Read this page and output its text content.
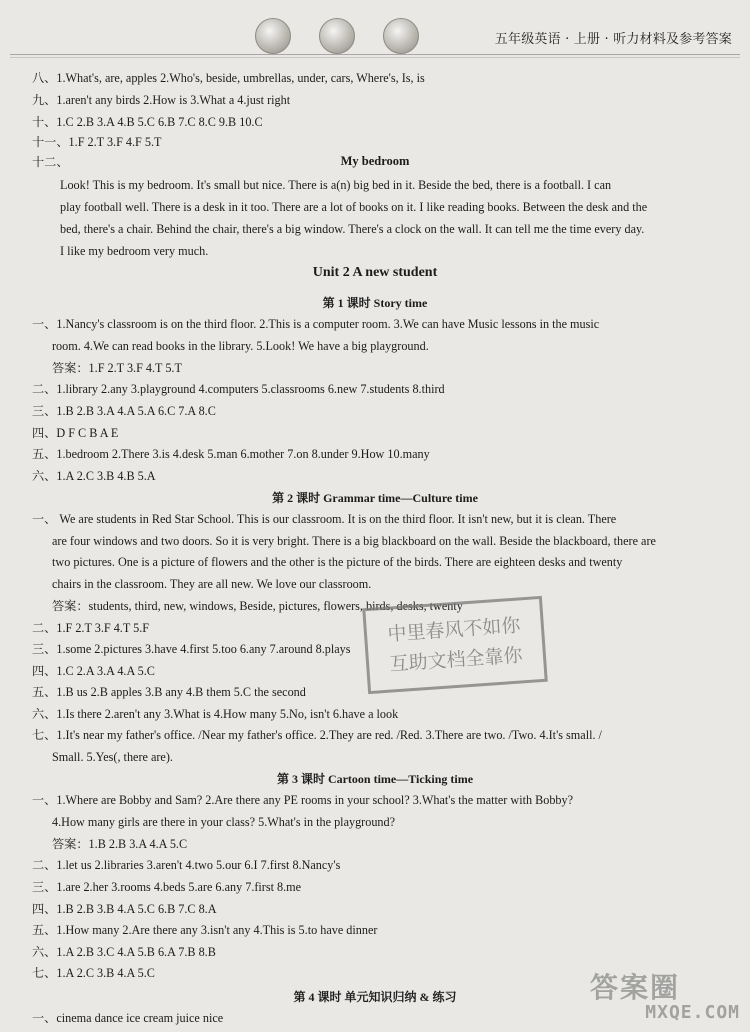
五年级英语 · 上册 · 听力材料及参考答案
八、1.What's, are, apples 2.Who's, beside, umbrellas, under, cars, Where's, Is, is
九、1.aren't any birds 2.How is 3.What a 4.just right
十、1.C 2.B 3.A 4.B 5.C 6.B 7.C 8.C 9.B 10.C
十一、1.F 2.T 3.F 4.F 5.T
十二、
Look! This is my bedroom. It's small but nice. There is a(n) big bed in it. Beside the bed, there is a football. I can
play football well. There is a desk in it too. There are a lot of books on it. I like reading books. Between the desk and the
bed, there's a chair. Behind the chair, there's a big window. There's a clock on the wall. It can tell me the time every day.
I like my bedroom very much.
一、1.Nancy's classroom is on the third floor. 2.This is a computer room. 3.We can have Music lessons in the music
room. 4.We can read books in the library. 5.Look! We have a big playground.
答案：1.F 2.T 3.F 4.T 5.T
二、1.library 2.any 3.playground 4.computers 5.classrooms 6.new 7.students 8.third
三、1.B 2.B 3.A 4.A 5.A 6.C 7.A 8.C
四、D F C B A E
五、1.bedroom 2.There 3.is 4.desk 5.man 6.mother 7.on 8.under 9.How 10.many
六、1.A 2.C 3.B 4.B 5.A
一、 We are students in Red Star School. This is our classroom. It is on the third floor. It isn't new, but it is clean. There
are four windows and two doors. So it is very bright. There is a big blackboard on the wall. Beside the blackboard, there are
two pictures. One is a picture of flowers and the other is the picture of the birds. There are eighteen desks and twenty
chairs in the classroom. They are all new. We love our classroom.
答案：students, third, new, windows, Beside, pictures, flowers, birds, desks, twenty
二、1.F 2.T 3.F 4.T 5.F
三、1.some 2.pictures 3.have 4.first 5.too 6.any 7.around 8.plays
四、1.C 2.A 3.A 4.A 5.C
五、1.B us 2.B apples 3.B any 4.B them 5.C the second
六、1.Is there 2.aren't any 3.What is 4.How many 5.No, isn't 6.have a look
七、1.It's near my father's office. /Near my father's office. 2.They are red. /Red. 3.There are two. /Two. 4.It's small. /
Small. 5.Yes(, there are).
一、1.Where are Bobby and Sam? 2.Are there any PE rooms in your school? 3.What's the matter with Bobby?
4.How many girls are there in your class? 5.What's in the playground?
答案：1.B 2.B 3.A 4.A 5.C
二、1.let us 2.libraries 3.aren't 4.two 5.our 6.I 7.first 8.Nancy's
三、1.are 2.her 3.rooms 4.beds 5.are 6.any 7.first 8.me
四、1.B 2.B 3.B 4.A 5.C 6.B 7.C 8.A
五、1.How many 2.Are there any 3.isn't any 4.This is 5.to have dinner
六、1.A 2.B 3.C 4.A 5.B 6.A 7.B 8.B
七、1.A 2.C 3.B 4.A 5.C
一、cinema dance ice cream juice nice
My bedroom
Unit 2 A new student
第 1 课时 Story time
第 2 课时 Grammar time—Culture time
第 3 课时 Cartoon time—Ticking time
第 4 课时 单元知识归纳 & 练习
中里春风不如你
互助文档全靠你
答案圈
MXQE.COM
